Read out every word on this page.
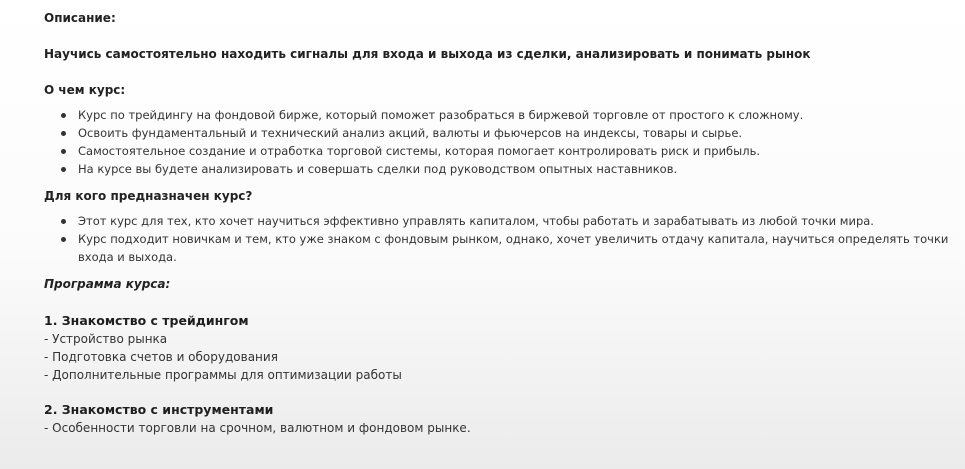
Описание:

Научись самостоятельно находить сигналы для входа и выхода из сделки, анализировать и понимать рынок

О чем курс:

Курс по трейдингу на фондовой бирже, который поможет разобраться в биржевой торговле от простого к сложному.
Освоить фундаментальный и технический анализ акций, валюты и фьючерсов на индексы, товары и сырье.
Самостоятельное создание и отработка торговой системы, которая помогает контролировать риск и прибыль.
На курсе вы будете анализировать и совершать сделки под руководством опытных наставников.

Для кого предназначен курс?

Этот курс для тех, кто хочет научиться эффективно управлять капиталом, чтобы работать и зарабатывать из любой точки мира.
Курс подходит новичкам и тем, кто уже знаком с фондовым рынком, однако, хочет увеличить отдачу капитала, научиться определять точки входа и выхода.

Программа курса:

1. Знакомство с трейдингом

- Устройство рынка

- Подготовка счетов и оборудования

- Дополнительные программы для оптимизации работы

2. Знакомство с инструментами

- Особенности торговли на срочном, валютном и фондовом рынке.
